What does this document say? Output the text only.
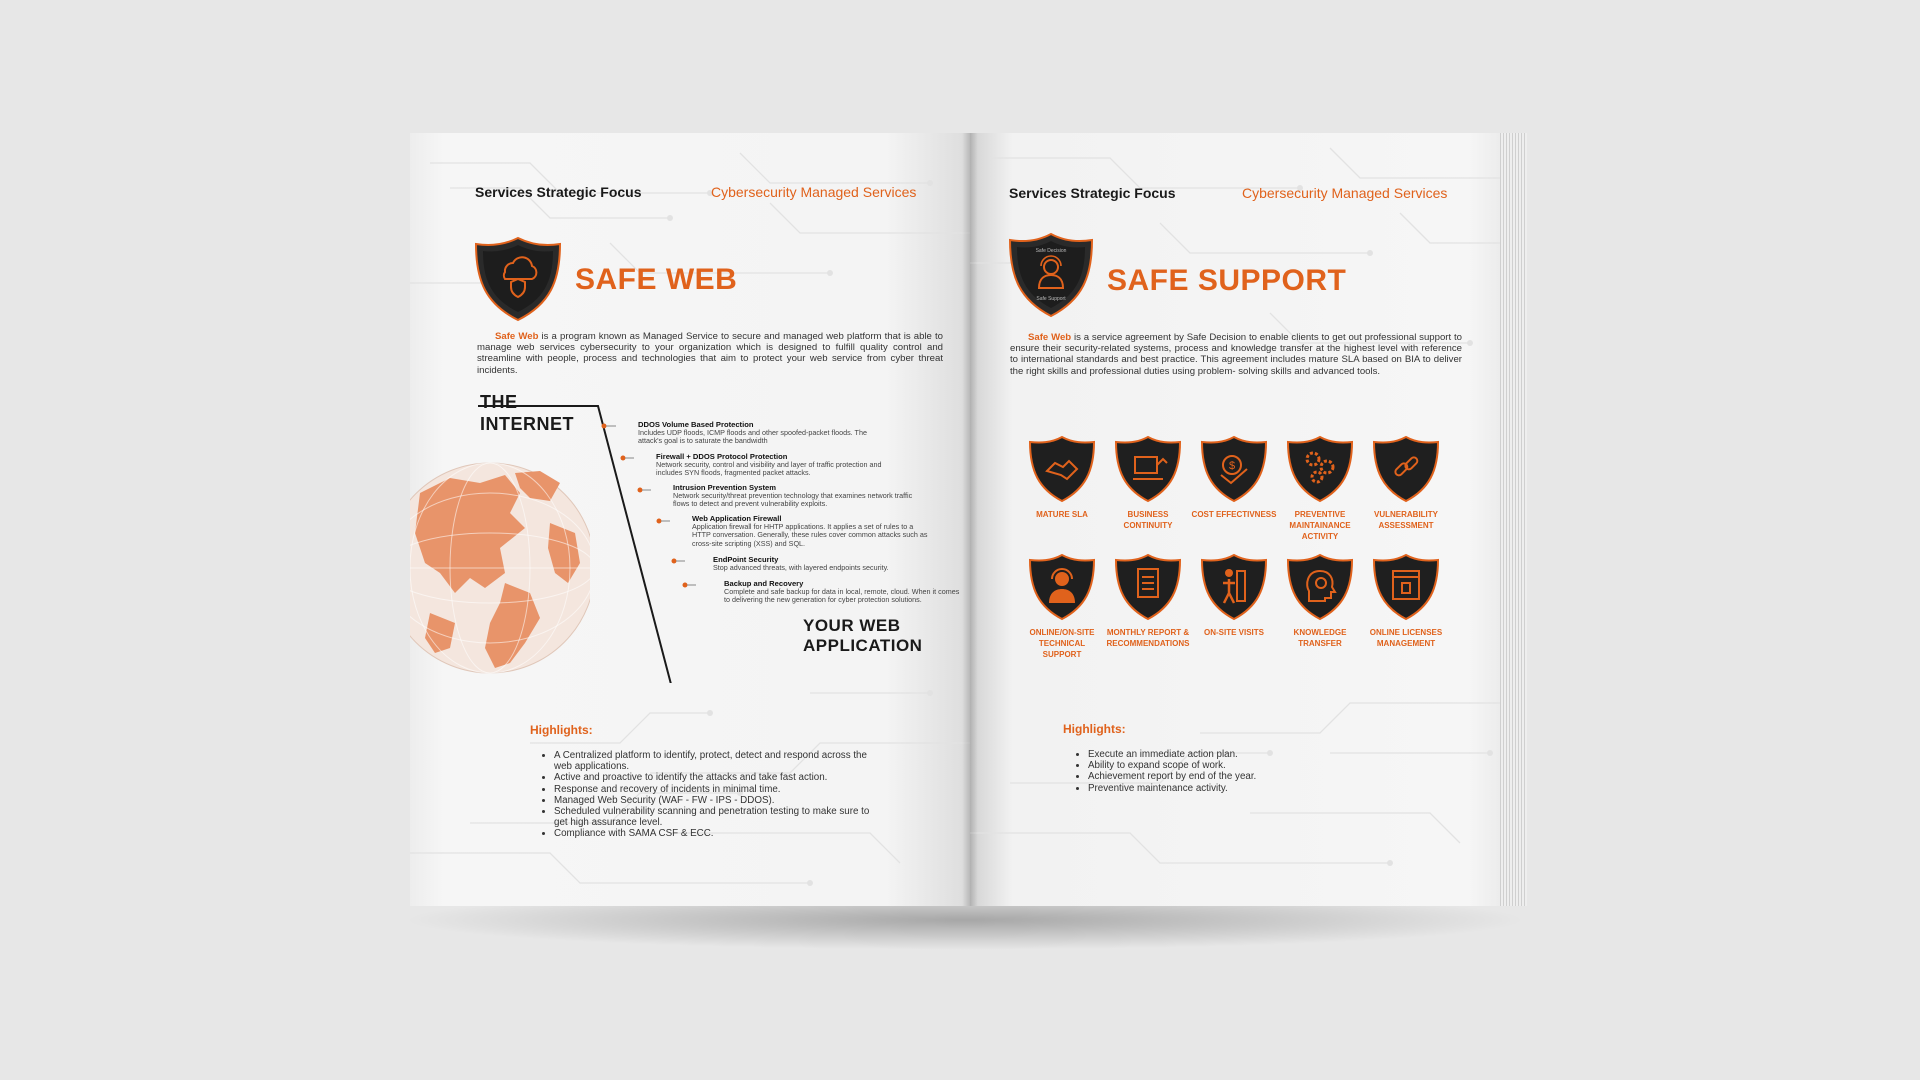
Services Strategic Focus	Cybersecurity Managed Services
SAFE WEB
Safe Web is a program known as Managed Service to secure and managed web platform that is able to manage web services cybersecurity to your organization which is designed to fulfill quality control and streamline with people, process and technologies that aim to protect your web service from cyber threat incidents.
THE
INTERNET	DDOS Volume Based Protection
Includes UDP floods, ICMP floods and other spoofed-packet floods. The attack's goal is to saturate the bandwidth
Firewall + DDOS Protocol Protection
Network security, control and visibility and layer of traffic protection and includes SYN floods, fragmented packet attacks.
Intrusion Prevention System
Network security/threat prevention technology that examines network traffic flows to detect and prevent vulnerability exploits.
Web Application Firewall
Application firewall for HHTP applications. It applies a set of rules to a HTTP conversation. Generally, these rules cover common attacks such as cross-site scripting (XSS) and SQL.
EndPoint Security
Stop advanced threats, with layered endpoints security.
Backup and Recovery
Complete and safe backup for data in local, remote, cloud. When it comes to delivering the new generation for cyber protection solutions.
YOUR WEB
APPLICATION
Highlights:
• A Centralized platform to identify, protect, detect and respond across the web applications.
• Active and proactive to identify the attacks and take fast action.
• Response and recovery of incidents in minimal time.
• Managed Web Security (WAF - FW - IPS - DDOS).
• Scheduled vulnerability scanning and penetration testing to make sure to get high assurance level.
• Compliance with SAMA CSF & ECC.
Services Strategic Focus	Cybersecurity Managed Services
Safe Decision
Safe Support
SAFE SUPPORT
Safe Web is a service agreement by Safe Decision to enable clients to get out professional support to ensure their security-related systems, process and knowledge transfer at the highest level with reference to international standards and best practice. This agreement includes mature SLA based on BIA to deliver the right skills and professional duties using problem- solving skills and advanced tools.
MATURE SLA	BUSINESS CONTINUITY
$
COST EFFECTIVNESS	PREVENTIVE MAINTAINANCE ACTIVITY
VULNERABILITY ASSESSMENT
ONLINE/ON-SITE TECHNICAL SUPPORT
MONTHLY REPORT & RECOMMENDATIONS
ON-SITE VISITS	KNOWLEDGE TRANSFER
ONLINE LICENSES MANAGEMENT
Highlights:
• Execute an immediate action plan.
• Ability to expand scope of work.
• Achievement report by end of the year.
• Preventive maintenance activity.
